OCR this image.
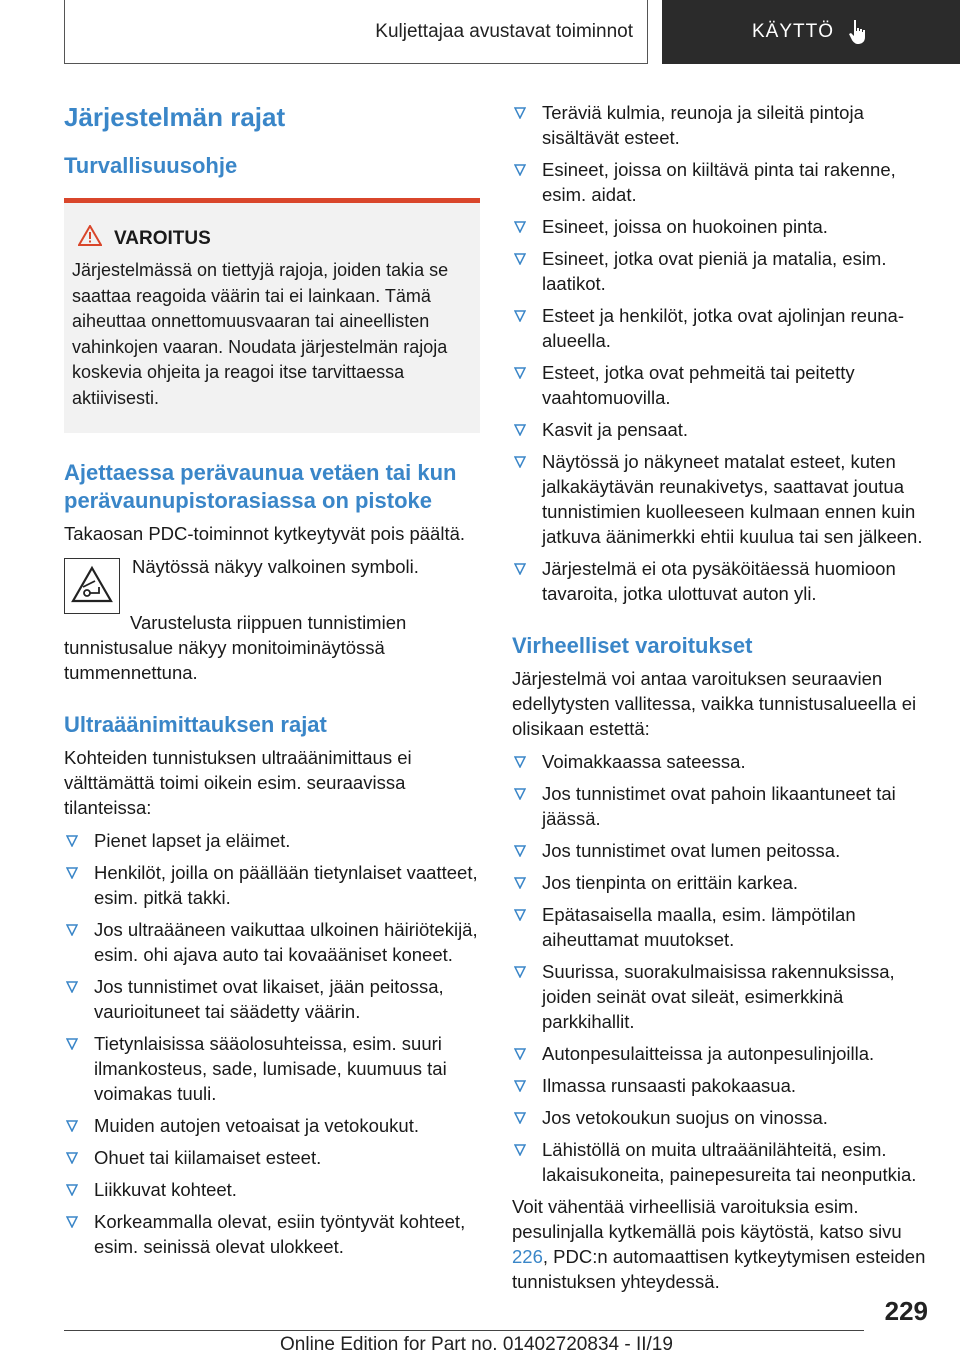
Kuljettajaa avustavat toiminnot	KÄYTTÖ
Järjestelmän rajat
Turvallisuusohje
VAROITUS
Järjestelmässä on tiettyjä rajoja, joiden takia se saattaa reagoida väärin tai ei lainkaan. Tämä aiheuttaa onnettomuusvaaran tai aineellisten vahinkojen vaaran. Noudata järjestelmän rajoja koskevia ohjeita ja reagoi itse tarvittaessa aktiivisesti.
Ajettaessa perävaunua vetäen tai kun perävaunupistorasiassa on pistoke

Takaosan PDC-toiminnot kytkeytyvät pois päältä.

Näytössä näkyy valkoinen symboli.

Varustelusta riippuen tunnistimien tunnistusalue näkyy monitoiminäytössä tummennettuna.

Ultraäänimittauksen rajat

Kohteiden tunnistuksen ultraäänimittaus ei välttämättä toimi oikein esim. seuraavissa tilanteissa:

Pienet lapset ja eläimet.
Henkilöt, joilla on päällään tietynlaiset vaatteet, esim. pitkä takki.
Jos ultraääneen vaikuttaa ulkoinen häiriötekijä, esim. ohi ajava auto tai kovaääniset koneet.
Jos tunnistimet ovat likaiset, jään peitossa, vaurioituneet tai säädetty väärin.
Tietynlaisissa sääolosuhteissa, esim. suuri ilmankosteus, sade, lumisade, kuumuus tai voimakas tuuli.
Muiden autojen vetoaisat ja vetokoukut.
Ohuet tai kiilamaiset esteet.
Liikkuvat kohteet.
Korkeammalla olevat, esiin työntyvät kohteet, esim. seinissä olevat ulokkeet.
Teräviä kulmia, reunoja ja sileitä pintoja sisältävät esteet.
Esineet, joissa on kiiltävä pinta tai rakenne, esim. aidat.
Esineet, joissa on huokoinen pinta.
Esineet, jotka ovat pieniä ja matalia, esim. laatikot.
Esteet ja henkilöt, jotka ovat ajolinjan reuna-alueella.
Esteet, jotka ovat pehmeitä tai peitetty vaahtomuovilla.
Kasvit ja pensaat.
Näytössä jo näkyneet matalat esteet, kuten jalkakäytävän reunakivetys, saattavat joutua tunnistimien kuolleeseen kulmaan ennen kuin jatkuva äänimerkki ehtii kuulua tai sen jälkeen.
Järjestelmä ei ota pysäköitäessä huomioon tavaroita, jotka ulottuvat auton yli.
Virheelliset varoitukset

Järjestelmä voi antaa varoituksen seuraavien edellytysten vallitessa, vaikka tunnistusalueella ei olisikaan estettä:

Voimakkaassa sateessa.
Jos tunnistimet ovat pahoin likaantuneet tai jäässä.
Jos tunnistimet ovat lumen peitossa.
Jos tienpinta on erittäin karkea.
Epätasaisella maalla, esim. lämpötilan aiheuttamat muutokset.
Suurissa, suorakulmaisissa rakennuksissa, joiden seinät ovat sileät, esimerkkinä parkkihallit.
Autonpesulaitteissa ja autonpesulinjoilla.
Ilmassa runsaasti pakokaasua.
Jos vetokoukun suojus on vinossa.
Lähistöllä on muita ultraäänilähteitä, esim. lakaisukoneita, painepesureita tai neonputkia.

Voit vähentää virheellisiä varoituksia esim. pesulinjalla kytkemällä pois käytöstä, katso sivu 226, PDC:n automaattisen kytkeytymisen esteiden tunnistuksen yhteydessä.

229
Online Edition for Part no. 01402720834 - II/19
